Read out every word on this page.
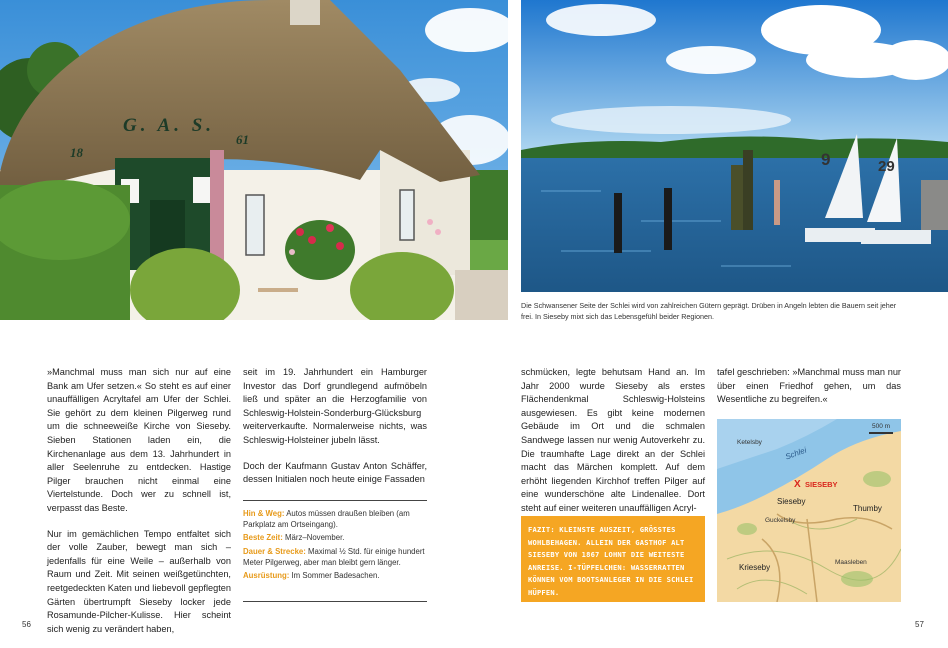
G. A. S.
18
61
9	29
Die Schwansener Seite der Schlei wird von zahlreichen Gütern geprägt. Drüben in Angeln lebten die Bauern seit jeher frei. In Sieseby mixt sich das Lebensgefühl beider Regionen.

»Manchmal muss man sich nur auf eine Bank am Ufer setzen.« So steht es auf einer unauffälligen Acryltafel am Ufer der Schlei. Sie gehört zu dem kleinen Pilgerweg rund um die schneeweiße Kirche von Sieseby. Sieben Stationen laden ein, die Kirchenanlage aus dem 13. Jahrhundert in aller Seelenruhe zu entdecken. Hastige Pilger brauchen nicht einmal eine Viertelstunde. Doch wer zu schnell ist, verpasst das Beste.

Nur im gemächlichen Tempo entfaltet sich der volle Zauber, bewegt man sich – jedenfalls für eine Weile – außerhalb von Raum und Zeit. Mit seinen weißgetünchten, reetgedeckten Katen und liebevoll gepflegten Gärten übertrumpft Sieseby locker jede Rosamunde-Pilcher-Kulisse. Hier scheint sich wenig zu verändert haben,

seit im 19. Jahrhundert ein Hamburger Investor das Dorf grundlegend aufmöbeln ließ und später an die Herzogfamilie von Schleswig-Holstein-Sonderburg-Glücksburg weiterverkaufte. Normalerweise nichts, was Schleswig-Holsteiner jubeln lässt.

Doch der Kaufmann Gustav Anton Schäffer, dessen Initialen noch heute einige Fassaden

Hin & Weg: Autos müssen draußen bleiben (am Parkplatz am Ortseingang).
Beste Zeit: März–November.
Dauer & Strecke: Maximal ½ Std. für einige hundert Meter Pilgerweg, aber man bleibt gern länger.
Ausrüstung: Im Sommer Badesachen.
schmücken, legte behutsam Hand an. Im Jahr 2000 wurde Sieseby als erstes Flächendenkmal Schleswig-Holsteins ausgewiesen. Es gibt keine modernen Gebäude im Ort und die schmalen Sandwege lassen nur wenig Autoverkehr zu. Die traumhafte Lage direkt an der Schlei macht das Märchen komplett. Auf dem erhöht liegenden Kirchhof treffen Pilger auf eine wunderschöne alte Lindenallee. Dort steht auf einer weiteren unauffälligen Acryl-
FAZIT: KLEINSTE AUSZEIT, GRÖSSTES WOHLBEHAGEN. ALLEIN DER GASTHOF ALT SIESEBY VON 1867 LOHNT DIE WEITESTE ANREISE. I-TÜPFELCHEN: WASSERRATTEN KÖNNEN VOM BOOTSANLEGER IN DIE SCHLEI HÜPFEN.
tafel geschrieben: »Manchmal muss man nur über einen Friedhof gehen, um das Wesentliche zu begreifen.«
500 m
Ketelsby
Schlei
X SIESEBY
Sieseby
Guckelsby
Thumby
Krieseby
Maasleben
56	57
